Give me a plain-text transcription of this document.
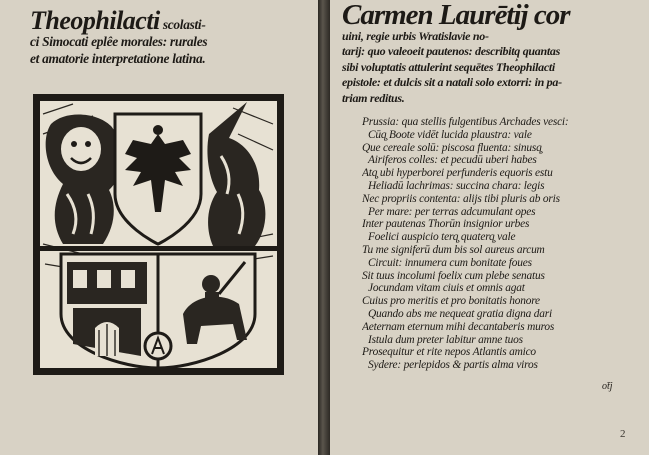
Theophilacti scolasti-
ci Simocati eplêe morales: rurales
et amatorie interpretatione latina.

Carmen Laurētij cor
uini, regie urbis Wratislavie no-
tarij: quo valeoeit pautenos: describitq̧ quantas
sibi voluptatis attulerint sequētes Theophilacti
epistole: et dulcis sit a natali solo extorri: in pa-
triam reditus.

Prussia: qua stellis fulgentibus Archades vesci:
Cūq̧ Boote vidēt lucida plaustra: vale
Que cereale solū: piscosa fluenta: sinusq̧
Airiferos colles: et pecudū uberi habes
Atq̧ ubi hyperborei perfunderis equoris estu
Heliadū lachrimas: succina chara: legis
Nec propriis contenta: alijs tibi pluris ab oris
Per mare: per terras adcumulant opes
Inter pautenas Thorūn insignior urbes
Foelici auspicio terq̧ quaterq̧ vale
Tu me signiferū dum bis sol aureus arcum
Circuit: innumera cum bonitate foues
Sit tuus incolumi foelix cum plebe senatus
Jocundam vitam ciuis et omnis agat
Cuius pro meritis et pro bonitatis honore
Quando abs me nequeat gratia digna dari
Aeternam eternum mihi decantaberis muros
Istula dum preter labitur amne tuos
Prosequitur et rite nepos Atlantis amico
Sydere: perlepidos & partis alma viros

ot̄j

2
